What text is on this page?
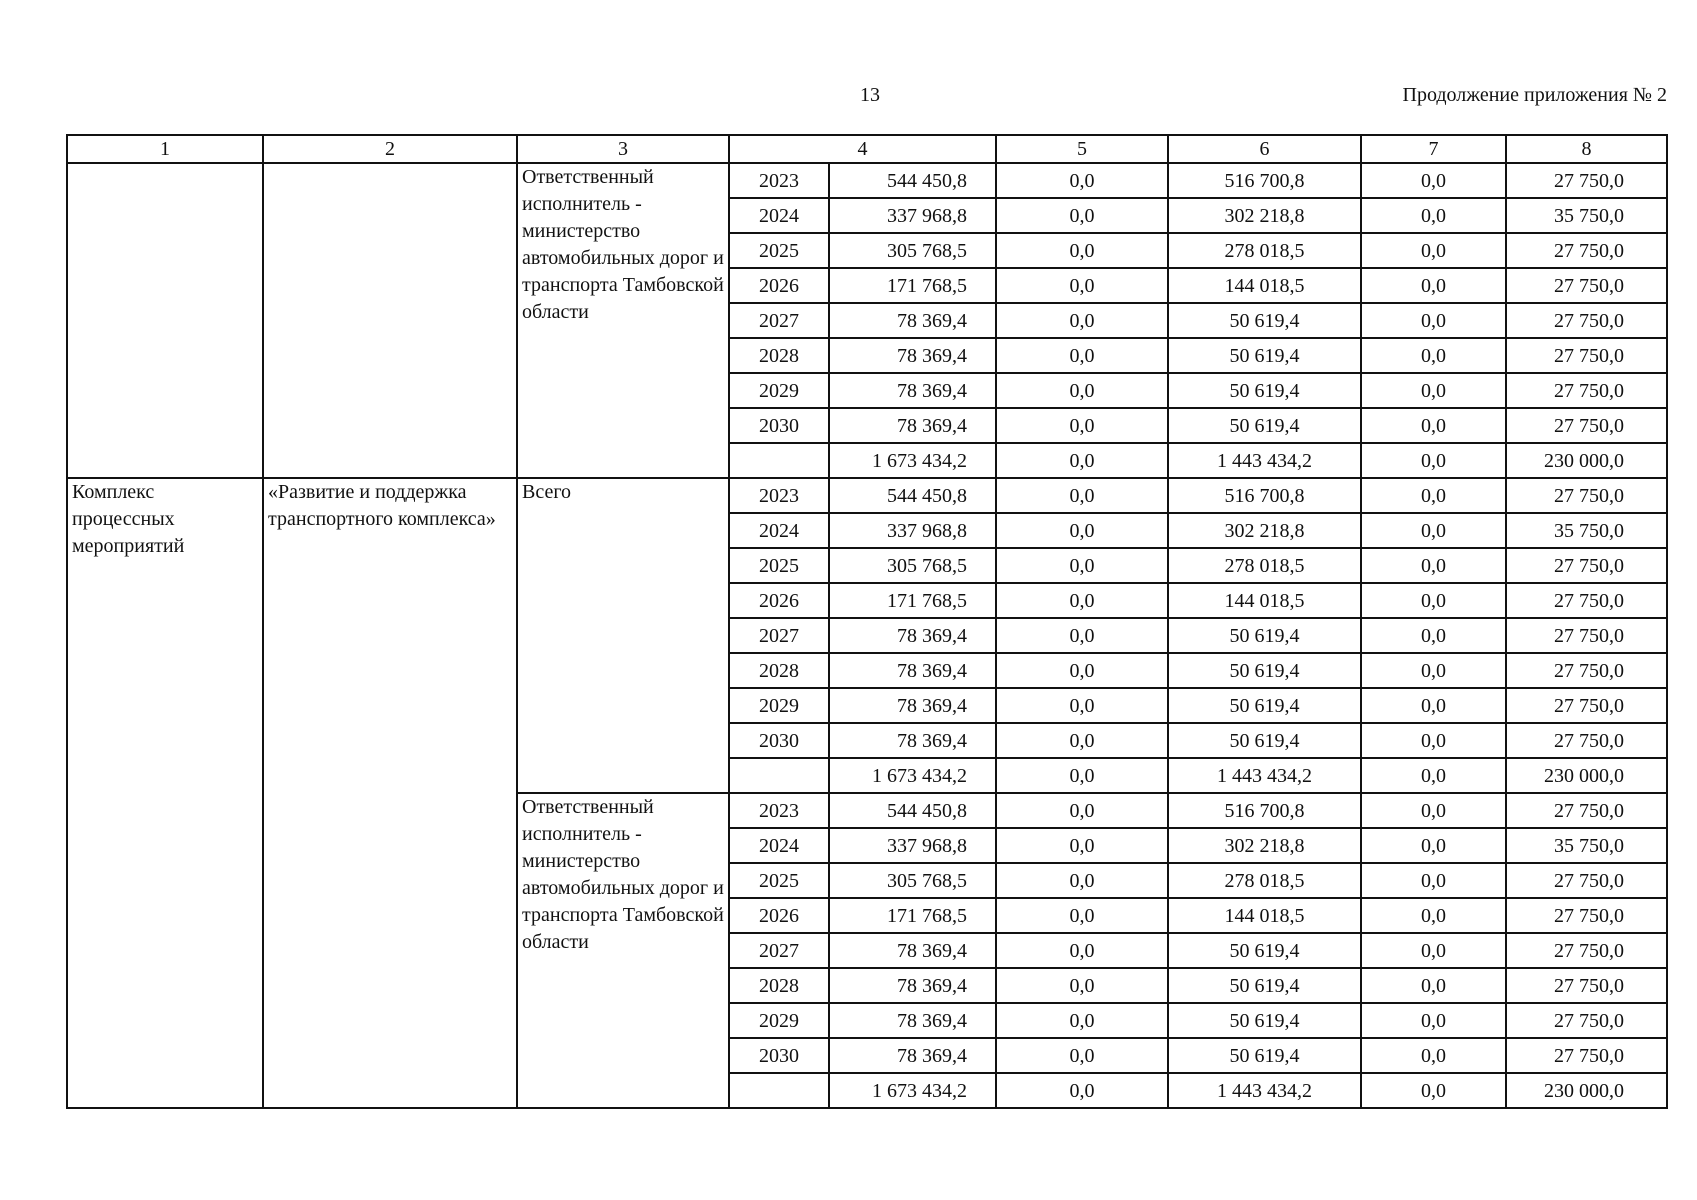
13	Продолжение приложения № 2
1	2	3	4		5	6	7	8
		Ответственный исполнитель - министерство автомобильных дорог и транспорта Тамбовской области	2023	544 450,8	0,0	516 700,8	0,0	27 750,0
			2024	337 968,8	0,0	302 218,8	0,0	35 750,0
			2025	305 768,5	0,0	278 018,5	0,0	27 750,0
			2026	171 768,5	0,0	144 018,5	0,0	27 750,0
			2027	78 369,4	0,0	50 619,4	0,0	27 750,0
			2028	78 369,4	0,0	50 619,4	0,0	27 750,0
			2029	78 369,4	0,0	50 619,4	0,0	27 750,0
			2030	78 369,4	0,0	50 619,4	0,0	27 750,0
				1 673 434,2	0,0	1 443 434,2	0,0	230 000,0
Комплекс процессных мероприятий	«Развитие и поддержка транспортного комплекса»	Всего	2023	544 450,8	0,0	516 700,8	0,0	27 750,0
			2024	337 968,8	0,0	302 218,8	0,0	35 750,0
			2025	305 768,5	0,0	278 018,5	0,0	27 750,0
			2026	171 768,5	0,0	144 018,5	0,0	27 750,0
			2027	78 369,4	0,0	50 619,4	0,0	27 750,0
			2028	78 369,4	0,0	50 619,4	0,0	27 750,0
			2029	78 369,4	0,0	50 619,4	0,0	27 750,0
			2030	78 369,4	0,0	50 619,4	0,0	27 750,0
				1 673 434,2	0,0	1 443 434,2	0,0	230 000,0
		Ответственный исполнитель - министерство автомобильных дорог и транспорта Тамбовской области	2023	544 450,8	0,0	516 700,8	0,0	27 750,0
			2024	337 968,8	0,0	302 218,8	0,0	35 750,0
			2025	305 768,5	0,0	278 018,5	0,0	27 750,0
			2026	171 768,5	0,0	144 018,5	0,0	27 750,0
			2027	78 369,4	0,0	50 619,4	0,0	27 750,0
			2028	78 369,4	0,0	50 619,4	0,0	27 750,0
			2029	78 369,4	0,0	50 619,4	0,0	27 750,0
			2030	78 369,4	0,0	50 619,4	0,0	27 750,0
				1 673 434,2	0,0	1 443 434,2	0,0	230 000,0
